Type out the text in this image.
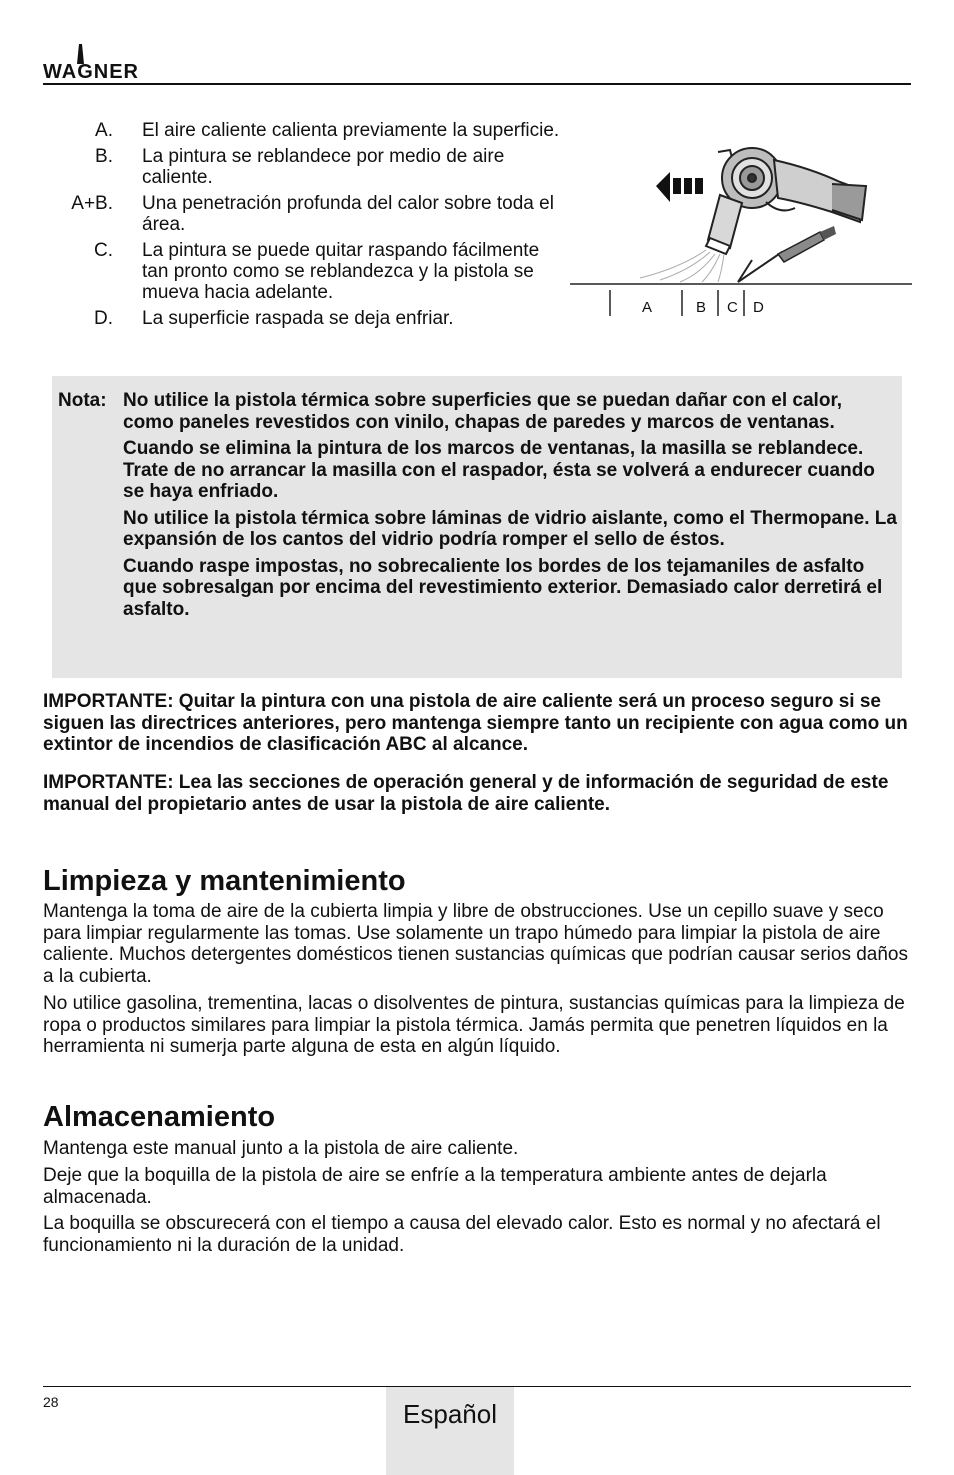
WAGNER
A. El aire caliente calienta previamente la superficie.
B. La pintura se reblandece por medio de aire caliente.
A+B. Una penetración profunda del calor sobre toda el área.
C. La pintura se puede quitar raspando fácilmente tan pronto como se reblandezca y la pistola se mueva hacia adelante.
D. La superficie raspada se deja enfriar.
A	B C D
Nota: No utilice la pistola térmica sobre superficies que se puedan dañar con el calor, como paneles revestidos con vinilo, chapas de paredes y marcos de ventanas.

Cuando se elimina la pintura de los marcos de ventanas, la masilla se reblandece. Trate de no arrancar la masilla con el raspador, ésta se volverá a endurecer cuando se haya enfriado.

No utilice la pistola térmica sobre láminas de vidrio aislante, como el Thermopane. La expansión de los cantos del vidrio podría romper el sello de éstos.

Cuando raspe impostas, no sobrecaliente los bordes de los tejamaniles de asfalto que sobresalgan por encima del revestimiento exterior. Demasiado calor derretirá el asfalto.

IMPORTANTE: Quitar la pintura con una pistola de aire caliente será un proceso seguro si se siguen las directrices anteriores, pero mantenga siempre tanto un recipiente con agua como un extintor de incendios de clasificación ABC al alcance.

IMPORTANTE: Lea las secciones de operación general y de información de seguridad de este manual del propietario antes de usar la pistola de aire caliente.

Limpieza y mantenimiento

Mantenga la toma de aire de la cubierta limpia y libre de obstrucciones. Use un cepillo suave y seco para limpiar regularmente las tomas. Use solamente un trapo húmedo para limpiar la pistola de aire caliente. Muchos detergentes domésticos tienen sustancias químicas que podrían causar serios daños a la cubierta.

No utilice gasolina, trementina, lacas o disolventes de pintura, sustancias químicas para la limpieza de ropa o productos similares para limpiar la pistola térmica. Jamás permita que penetren líquidos en la herramienta ni sumerja parte alguna de esta en algún líquido.

Almacenamiento

Mantenga este manual junto a la pistola de aire caliente.

Deje que la boquilla de la pistola de aire se enfríe a la temperatura ambiente antes de dejarla almacenada.

La boquilla se obscurecerá con el tiempo a causa del elevado calor. Esto es normal y no afectará el funcionamiento ni la duración de la unidad.

28	Español
